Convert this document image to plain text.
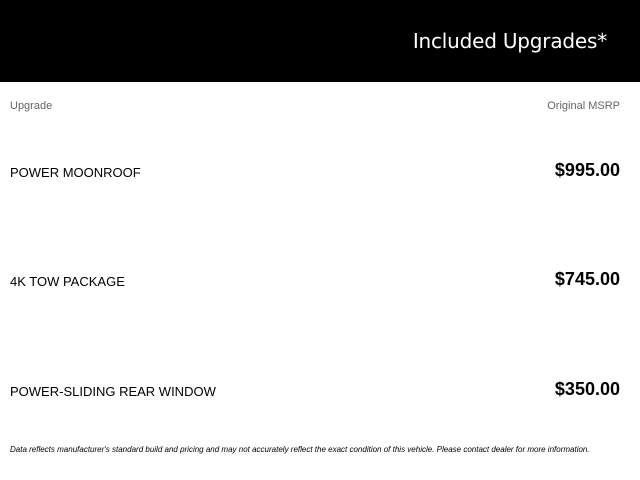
Included Upgrades*
Upgrade	Original MSRP
POWER MOONROOF	$995.00
4K TOW PACKAGE	$745.00
POWER-SLIDING REAR WINDOW	$350.00
Data reflects manufacturer's standard build and pricing and may not accurately reflect the exact condition of this vehicle. Please contact dealer for more information.
